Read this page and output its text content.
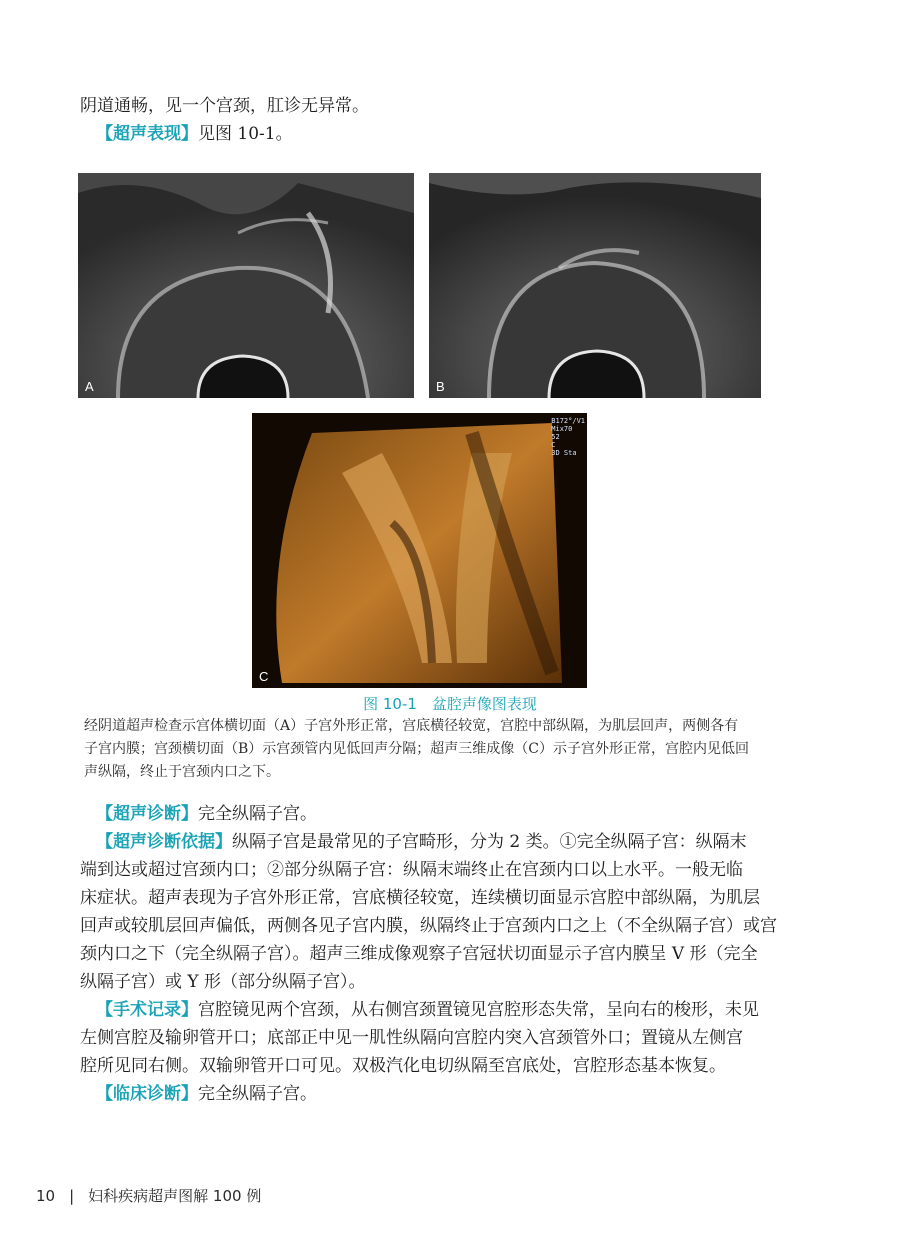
阴道通畅，见一个宫颈，肛诊无异常。
【超声表现】见图 10-1。
A	B
B172°/V1
Mix70
52
C
3D Sta
C
图 10-1　盆腔声像图表现
经阴道超声检查示宫体横切面（A）子宫外形正常，宫底横径较宽，宫腔中部纵隔，为肌层回声，两侧各有
子宫内膜；宫颈横切面（B）示宫颈管内见低回声分隔；超声三维成像（C）示子宫外形正常，宫腔内见低回
声纵隔，终止于宫颈内口之下。
【超声诊断】完全纵隔子宫。
【超声诊断依据】纵隔子宫是最常见的子宫畸形，分为 2 类。①完全纵隔子宫：纵隔末
端到达或超过宫颈内口；②部分纵隔子宫：纵隔末端终止在宫颈内口以上水平。一般无临
床症状。超声表现为子宫外形正常，宫底横径较宽，连续横切面显示宫腔中部纵隔，为肌层
回声或较肌层回声偏低，两侧各见子宫内膜，纵隔终止于宫颈内口之上（不全纵隔子宫）或宫
颈内口之下（完全纵隔子宫）。超声三维成像观察子宫冠状切面显示子宫内膜呈 V 形（完全
纵隔子宫）或 Y 形（部分纵隔子宫）。
【手术记录】宫腔镜见两个宫颈，从右侧宫颈置镜见宫腔形态失常，呈向右的梭形，未见
左侧宫腔及输卵管开口；底部正中见一肌性纵隔向宫腔内突入宫颈管外口；置镜从左侧宫
腔所见同右侧。双输卵管开口可见。双极汽化电切纵隔至宫底处，宫腔形态基本恢复。
【临床诊断】完全纵隔子宫。
10 | 妇科疾病超声图解 100 例
